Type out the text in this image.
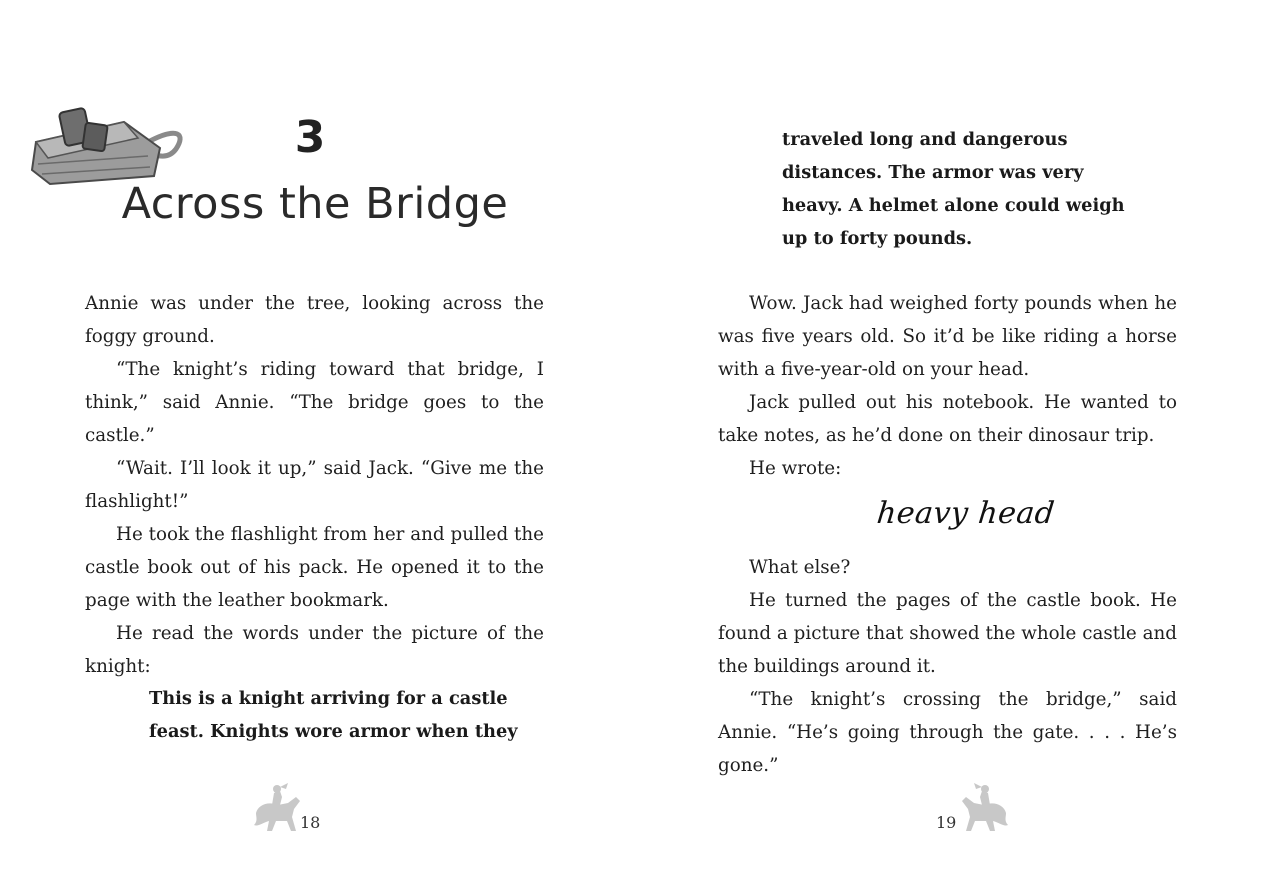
3
Across the Bridge

Annie was under the tree, looking across the foggy ground.

“The knight’s riding toward that bridge, I think,” said Annie. “The bridge goes to the castle.”

“Wait. I’ll look it up,” said Jack. “Give me the flashlight!”

He took the flashlight from her and pulled the castle book out of his pack. He opened it to the page with the leather bookmark.

He read the words under the picture of the knight:

This is a knight arriving for a castle
feast. Knights wore armor when they
18
traveled long and dangerous
distances. The armor was very
heavy. A helmet alone could weigh
up to forty pounds.

Wow. Jack had weighed forty pounds when he was five years old. So it’d be like riding a horse with a five-year-old on your head.

Jack pulled out his notebook. He wanted to take notes, as he’d done on their dinosaur trip.

He wrote:

What else?

He turned the pages of the castle book. He found a picture that showed the whole castle and the buildings around it.

“The knight’s crossing the bridge,” said Annie. “He’s going through the gate. . . . He’s gone.”

heavy head
19
